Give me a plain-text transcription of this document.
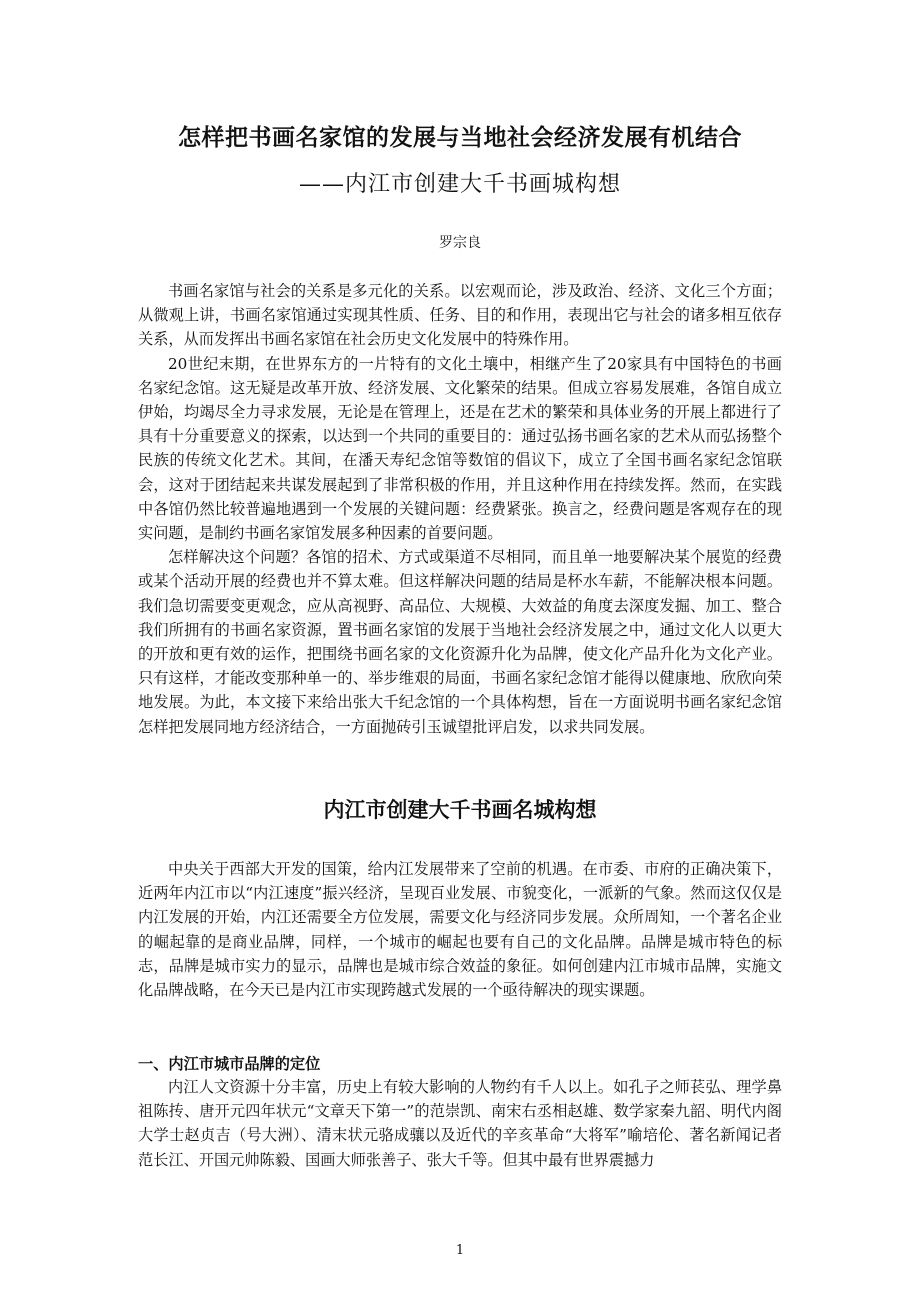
怎样把书画名家馆的发展与当地社会经济发展有机结合
——内江市创建大千书画城构想
罗宗良

书画名家馆与社会的关系是多元化的关系。以宏观而论，涉及政治、经济、文化三个方面；从微观上讲，书画名家馆通过实现其性质、任务、目的和作用，表现出它与社会的诸多相互依存关系，从而发挥出书画名家馆在社会历史文化发展中的特殊作用。

20世纪末期，在世界东方的一片特有的文化土壤中，相继产生了20家具有中国特色的书画名家纪念馆。这无疑是改革开放、经济发展、文化繁荣的结果。但成立容易发展难，各馆自成立伊始，均竭尽全力寻求发展，无论是在管理上，还是在艺术的繁荣和具体业务的开展上都进行了具有十分重要意义的探索，以达到一个共同的重要目的：通过弘扬书画名家的艺术从而弘扬整个民族的传统文化艺术。其间，在潘天寿纪念馆等数馆的倡议下，成立了全国书画名家纪念馆联会，这对于团结起来共谋发展起到了非常积极的作用，并且这种作用在持续发挥。然而，在实践中各馆仍然比较普遍地遇到一个发展的关键问题：经费紧张。换言之，经费问题是客观存在的现实问题，是制约书画名家馆发展多种因素的首要问题。

怎样解决这个问题？各馆的招术、方式或渠道不尽相同，而且单一地要解决某个展览的经费或某个活动开展的经费也并不算太难。但这样解决问题的结局是杯水车薪，不能解决根本问题。我们急切需要变更观念，应从高视野、高品位、大规模、大效益的角度去深度发掘、加工、整合我们所拥有的书画名家资源，置书画名家馆的发展于当地社会经济发展之中，通过文化人以更大的开放和更有效的运作，把围绕书画名家的文化资源升化为品牌，使文化产品升化为文化产业。只有这样，才能改变那种单一的、举步维艰的局面，书画名家纪念馆才能得以健康地、欣欣向荣地发展。为此，本文接下来给出张大千纪念馆的一个具体构想，旨在一方面说明书画名家纪念馆怎样把发展同地方经济结合，一方面抛砖引玉诚望批评启发，以求共同发展。

内江市创建大千书画名城构想

中央关于西部大开发的国策，给内江发展带来了空前的机遇。在市委、市府的正确决策下，近两年内江市以“内江速度”振兴经济，呈现百业发展、市貌变化，一派新的气象。然而这仅仅是内江发展的开始，内江还需要全方位发展，需要文化与经济同步发展。众所周知，一个著名企业的崛起靠的是商业品牌，同样，一个城市的崛起也要有自己的文化品牌。品牌是城市特色的标志，品牌是城市实力的显示，品牌也是城市综合效益的象征。如何创建内江市城市品牌，实施文化品牌战略，在今天已是内江市实现跨越式发展的一个亟待解决的现实课题。

一、内江市城市品牌的定位

内江人文资源十分丰富，历史上有较大影响的人物约有千人以上。如孔子之师苌弘、理学鼻祖陈抟、唐开元四年状元“文章天下第一”的范崇凯、南宋右丞相赵雄、数学家秦九韶、明代内阁大学士赵贞吉（号大洲）、清末状元骆成骧以及近代的辛亥革命“大将军”喻培伦、著名新闻记者范长江、开国元帅陈毅、国画大师张善子、张大千等。但其中最有世界震撼力

1
